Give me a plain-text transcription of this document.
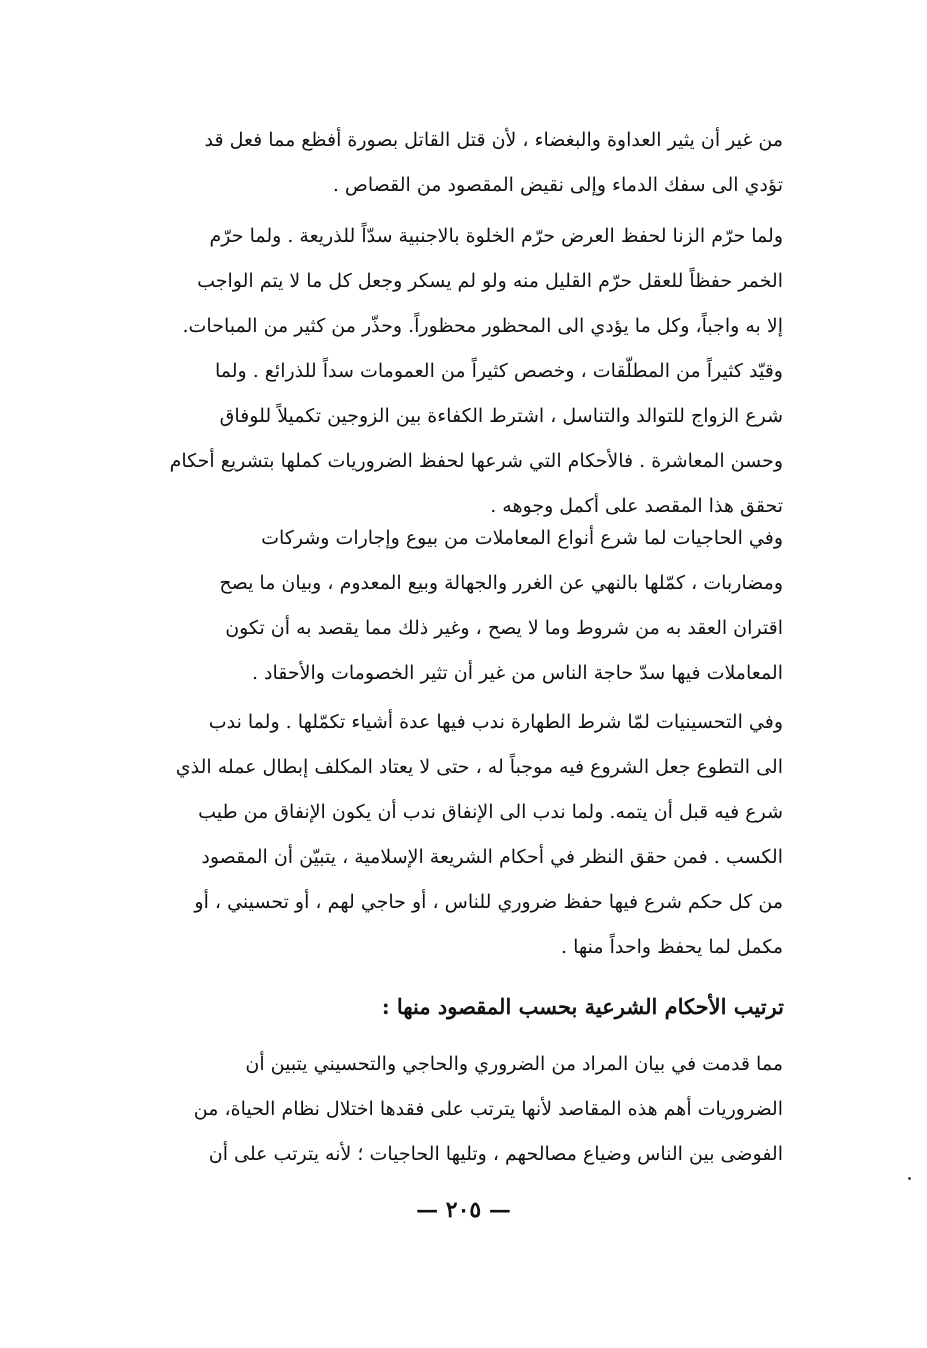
من غير أن يثير العداوة والبغضاء ، لأن قتل القاتل بصورة أفظع مما فعل قد
تؤدي الى سفك الدماء وإلى نقيض المقصود من القصاص .
ولما حرّم الزنا لحفظ العرض حرّم الخلوة بالاجنبية سدّاً للذريعة . ولما حرّم
الخمر حفظاً للعقل حرّم القليل منه ولو لم يسكر وجعل كل ما لا يتم الواجب
إلا به واجباً، وكل ما يؤدي الى المحظور محظوراً. وحذّر من كثير من المباحات.
وقيّد كثيراً من المطلّقات ، وخصص كثيراً من العمومات سداً للذرائع . ولما
شرع الزواج للتوالد والتناسل ، اشترط الكفاءة بين الزوجين تكميلاً للوفاق
وحسن المعاشرة . فالأحكام التي شرعها لحفظ الضروريات كملها بتشريع أحكام
تحقق هذا المقصد على أكمل وجوهه .
وفي الحاجيات لما شرع أنواع المعاملات من بيوع وإجارات وشركات
ومضاربات ، كمّلها بالنهي عن الغرر والجهالة وبيع المعدوم ، وبيان ما يصح
اقتران العقد به من شروط وما لا يصح ، وغير ذلك مما يقصد به أن تكون
المعاملات فيها سدّ حاجة الناس من غير أن تثير الخصومات والأحقاد .
وفي التحسينيات لمّا شرط الطهارة ندب فيها عدة أشياء تكمّلها . ولما ندب
الى التطوع جعل الشروع فيه موجباً له ، حتى لا يعتاد المكلف إبطال عمله الذي
شرع فيه قبل أن يتمه. ولما ندب الى الإنفاق ندب أن يكون الإنفاق من طيب
الكسب . فمن حقق النظر في أحكام الشريعة الإسلامية ، يتبيّن أن المقصود
من كل حكم شرع فيها حفظ ضروري للناس ، أو حاجي لهم ، أو تحسيني ، أو
مكمل لما يحفظ واحداً منها .
ترتيب الأحكام الشرعية بحسب المقصود منها :
مما قدمت في بيان المراد من الضروري والحاجي والتحسيني يتبين أن
الضروريات أهم هذه المقاصد لأنها يترتب على فقدها اختلال نظام الحياة، من
الفوضى بين الناس وضياع مصالحهم ، وتليها الحاجيات ؛ لأنه يترتب على أن
— ٢٠٥ —
